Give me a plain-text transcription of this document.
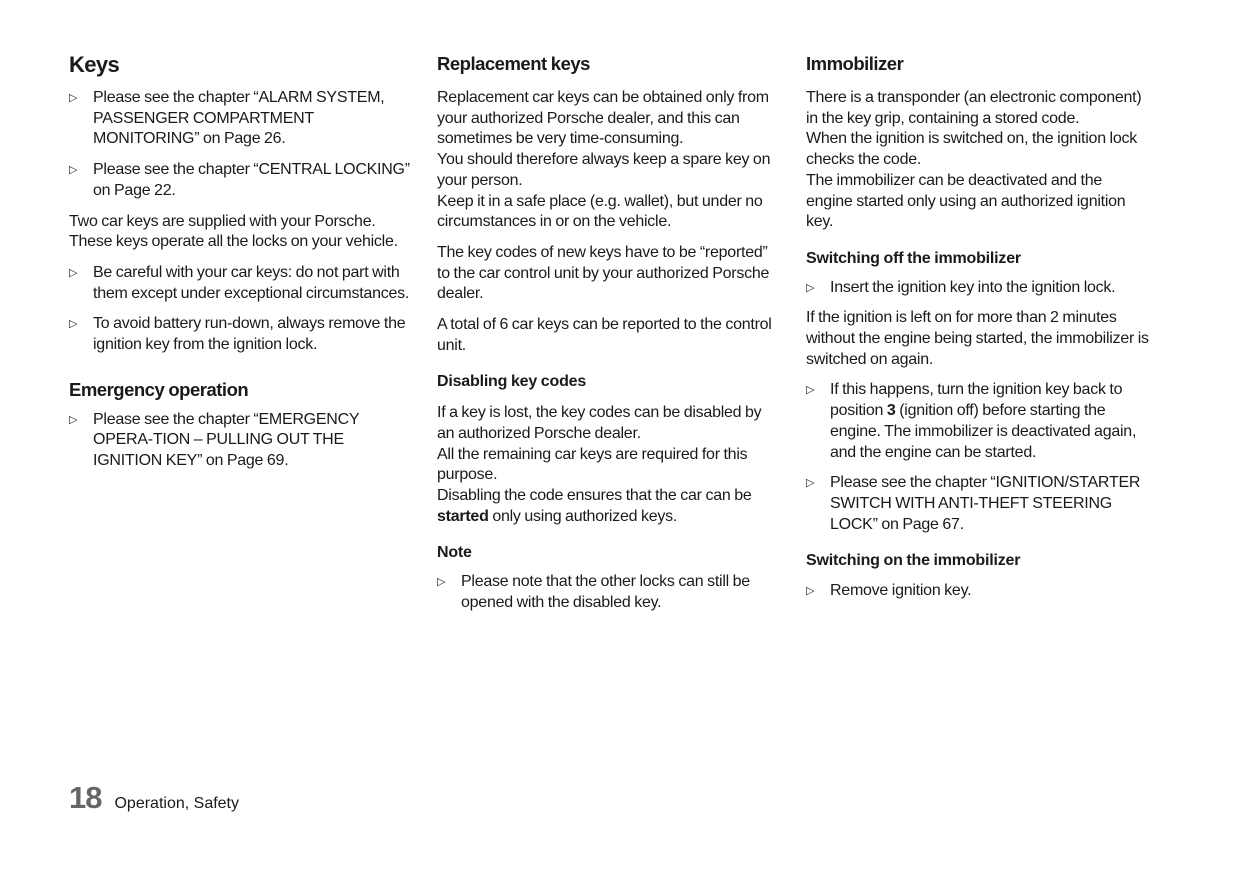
Keys
▷ Please see the chapter “ALARM SYSTEM, PASSENGER COMPARTMENT MONITORING” on Page 26.
▷ Please see the chapter “CENTRAL LOCKING” on Page 22.

Two car keys are supplied with your Porsche. These keys operate all the locks on your vehicle.

▷ Be careful with your car keys: do not part with them except under exceptional circumstances.
▷ To avoid battery run-down, always remove the ignition key from the ignition lock.
Emergency operation
▷ Please see the chapter “EMERGENCY OPERA-TION – PULLING OUT THE IGNITION KEY” on Page 69.
Replacement keys

Replacement car keys can be obtained only from your authorized Porsche dealer, and this can sometimes be very time-consuming.

You should therefore always keep a spare key on your person.

Keep it in a safe place (e.g. wallet), but under no circumstances in or on the vehicle.

The key codes of new keys have to be “reported” to the car control unit by your authorized Porsche dealer.

A total of 6 car keys can be reported to the control unit.

Disabling key codes

If a key is lost, the key codes can be disabled by an authorized Porsche dealer.

All the remaining car keys are required for this purpose.

Disabling the code ensures that the car can be started only using authorized keys.

Note
▷ Please note that the other locks can still be opened with the disabled key.
Immobilizer

There is a transponder (an electronic component) in the key grip, containing a stored code.

When the ignition is switched on, the ignition lock checks the code.

The immobilizer can be deactivated and the engine started only using an authorized ignition key.

Switching off the immobilizer
▷ Insert the ignition key into the ignition lock.

If the ignition is left on for more than 2 minutes without the engine being started, the immobilizer is switched on again.

▷ If this happens, turn the ignition key back to position 3 (ignition off) before starting the engine. The immobilizer is deactivated again, and the engine can be started.
▷ Please see the chapter “IGNITION/STARTER SWITCH WITH ANTI-THEFT STEERING LOCK” on Page 67.
Switching on the immobilizer
▷ Remove ignition key.
18 Operation, Safety
